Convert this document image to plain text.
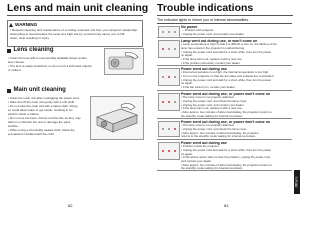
Lens and main unit cleaning
WARNING
• Request cleaning and maintenance of a ceiling-mounted unit from your projector dealership.
Attempting to clean/replace the lamp at a high site by yourself may cause you to fall
down, thus resulting in injury.
Lens cleaning
• Clean the lens with a commercially available flower and/or
lens cleaner.
• The lens is easily scratched, so do not rub it with hard objects,
or strike it.
Main unit cleaning
• Clean the main unit after unplugging the power cord.
• Wipe dirt off the main unit gently with a soft cloth.
• Do not wipe the main unit with a damp cloth. Doing
so could allow water to get inside, resulting in an
electric shock or failure.
• Do not use benzene, thinner and the like as they may
deform or discolor the unit or damage the paint
surface.
• When using a chemically treated cloth, follow the
precautions included with the cloth.
82
Trouble indications
The indicator lights to inform you of internal abnormalities.
No power
→ Problem with projector
• Unplug the power cord, and contact your dealer.
Lamp went out during use, or won't come on
• Lamp temperature is high so that it is difficult to turn on, the lifetime of the
lamp has ended or the projector is malfunctioning.
• Unplug the power cord and wait for a short while, then turn the power
on again.
• If the lamp turns out, replace it with a new one.
• If the problem still exists, contact your dealer.
Power went out during use
• Internal temperature is so high, the internal temperature is too high.
• Turn on the projector so that the air intake and exhaust are not blocked.
• Unplug the power cord and wait for a short while, then turn the power
on again.
• If the fan cannot run, contact your dealer.
Power went out during use, or power won't come on
• The lamp cover is not properly attached.
• Unplug the power cord, and check the lamp cover.
• Unplug the power cord, and contact your dealer.
• If the lamp turns out, replace it with a new one.
• After approx. two minutes of abnormal display, the projector returns to
the standby mode waiting for internal cool-down.
Power went out during use, or power won't come on
• The lamp cover is not properly attached.
• Unplug the power cord, and check the lamp cover.
• After approx. two minutes of abnormal display, the projector
returns to the standby mode waiting for internal cool-down.
Power went out during use
• Problem inside the projector.
• Unplug the power cord and wait for a short while, then turn the power
on again.
• If this above action will not clear the problem, unplug the power cord,
and contact your dealer.
• After approx. two minutes of abnormal display, the projector returns to
the standby mode waiting for internal cool-down.
Others
83
